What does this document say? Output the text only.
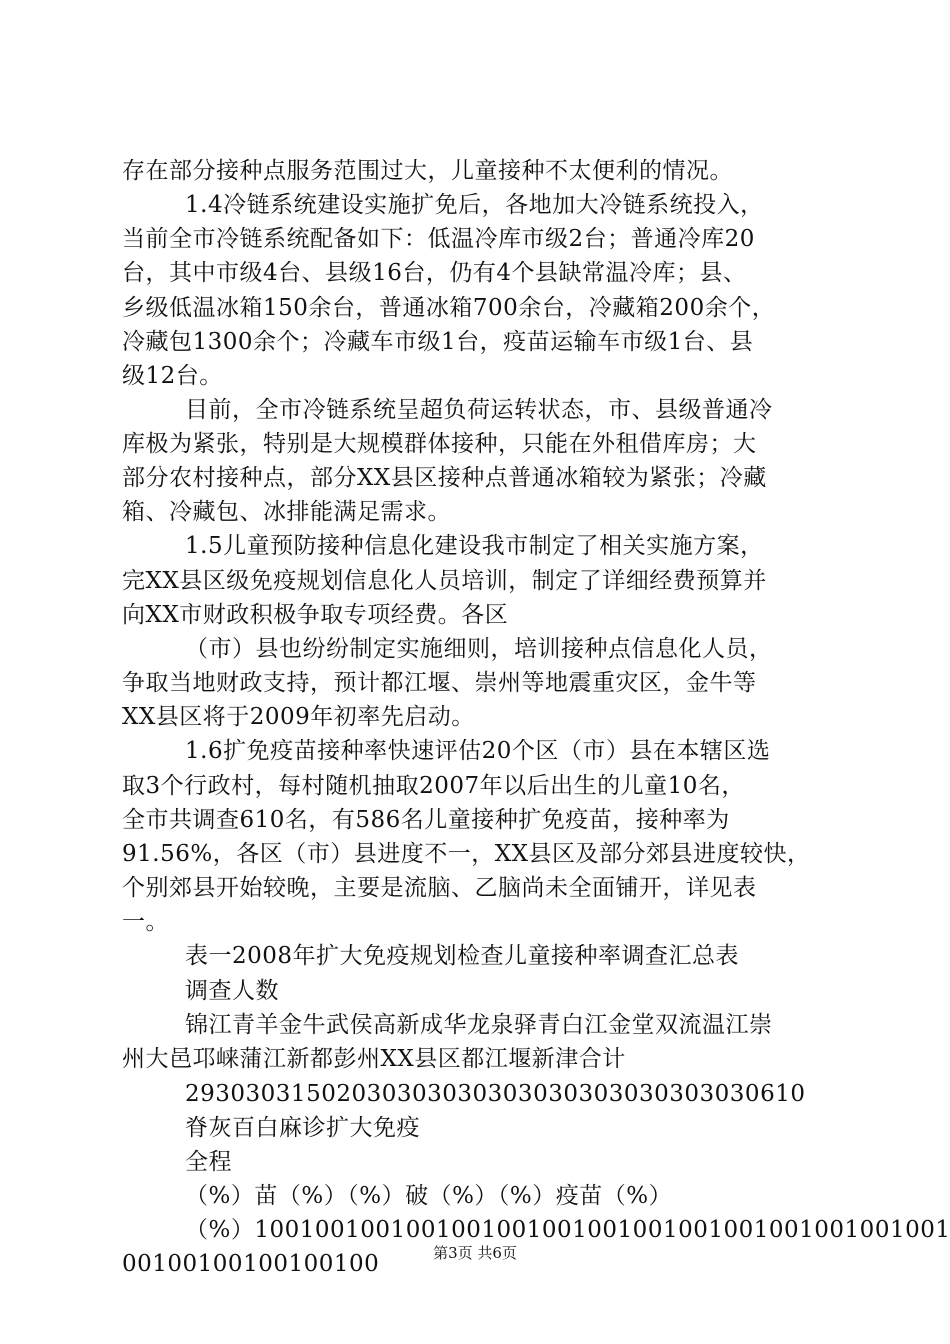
存在部分接种点服务范围过大，儿童接种不太便利的情况。
1.4冷链系统建设实施扩免后，各地加大冷链系统投入，
当前全市冷链系统配备如下：低温冷库市级2台；普通冷库20
台，其中市级4台、县级16台，仍有4个县缺常温冷库；县、
乡级低温冰箱150余台，普通冰箱700余台，冷藏箱200余个，
冷藏包1300余个；冷藏车市级1台，疫苗运输车市级1台、县
级12台。
目前，全市冷链系统呈超负荷运转状态，市、县级普通冷
库极为紧张，特别是大规模群体接种，只能在外租借库房；大
部分农村接种点，部分XX县区接种点普通冰箱较为紧张；冷藏
箱、冷藏包、冰排能满足需求。
1.5儿童预防接种信息化建设我市制定了相关实施方案，
完XX县区级免疫规划信息化人员培训，制定了详细经费预算并
向XX市财政积极争取专项经费。各区
（市）县也纷纷制定实施细则，培训接种点信息化人员，
争取当地财政支持，预计都江堰、崇州等地震重灾区，金牛等
XX县区将于2009年初率先启动。
1.6扩免疫苗接种率快速评估20个区（市）县在本辖区选
取3个行政村，每村随机抽取2007年以后出生的儿童10名，
全市共调查610名，有586名儿童接种扩免疫苗，接种率为
91.56%，各区（市）县进度不一，XX县区及部分郊县进度较快，
个别郊县开始较晚，主要是流脑、乙脑尚未全面铺开，详见表
一。
表一2008年扩大免疫规划检查儿童接种率调查汇总表
调查人数
锦江青羊金牛武侯高新成华龙泉驿青白江金堂双流温江崇
州大邑邛崃蒲江新都彭州XX县区都江堰新津合计
29303031502030303030303030303030303030610
脊灰百白麻诊扩大免疫
全程
（%）苗（%）（%）破（%）（%）疫苗（%）
（%）1001001001001001001001001001001001001001001001
00100100100100100	第3页 共6页
